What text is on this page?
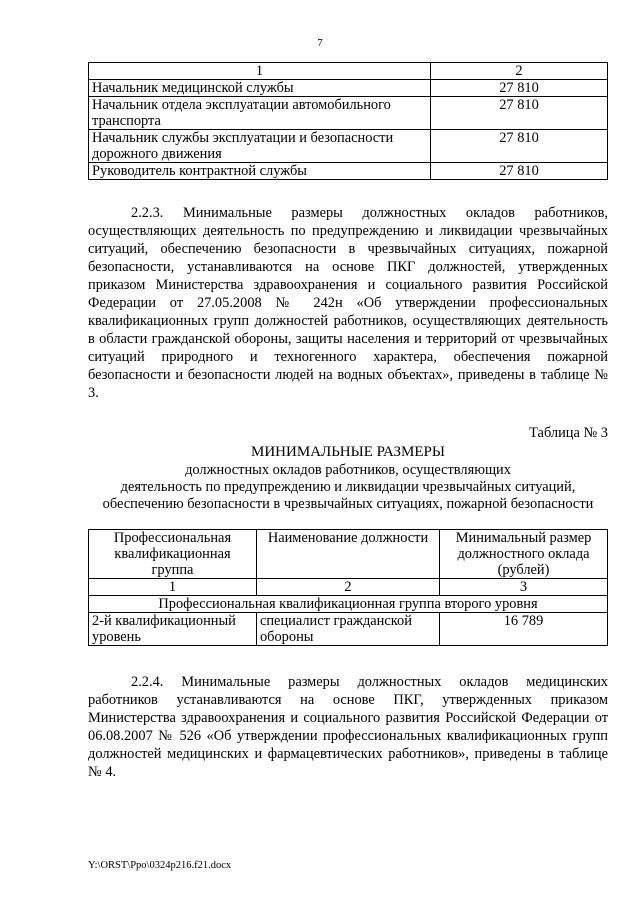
7
1	2
Начальник медицинской службы	27 810
Начальник отдела эксплуатации автомобильного транспорта	27 810
Начальник службы эксплуатации и безопасности дорожного движения	27 810
Руководитель контрактной службы	27 810

2.2.3. Минимальные размеры должностных окладов работников, осуществляющих деятельность по предупреждению и ликвидации чрезвычайных ситуаций, обеспечению безопасности в чрезвычайных ситуациях, пожарной безопасности, устанавливаются на основе ПКГ должностей, утвержденных приказом Министерства здравоохранения и социального развития Российской Федерации от 27.05.2008 № 242н «Об утверждении профессиональных квалификационных групп должностей работников, осуществляющих деятельность в области гражданской обороны, защиты населения и территорий от чрезвычайных ситуаций природного и техногенного характера, обеспечения пожарной безопасности и безопасности людей на водных объектах», приведены в таблице № 3.

Таблица № 3
МИНИМАЛЬНЫЕ РАЗМЕРЫ
должностных окладов работников, осуществляющих
деятельность по предупреждению и ликвидации чрезвычайных ситуаций,
обеспечению безопасности в чрезвычайных ситуациях, пожарной безопасности
Профессиональная квалификационная группа	Наименование должности	Минимальный размер должностного оклада (рублей)
1	2	3
Профессиональная квалификационная группа второго уровня		
2-й квалификационный уровень	специалист гражданской обороны	16 789

2.2.4. Минимальные размеры должностных окладов медицинских работников устанавливаются на основе ПКГ, утвержденных приказом Министерства здравоохранения и социального развития Российской Федерации от 06.08.2007 № 526 «Об утверждении профессиональных квалификационных групп должностей медицинских и фармацевтических работников», приведены в таблице № 4.

Y:\ORST\Ppo\0324p216.f21.docx
